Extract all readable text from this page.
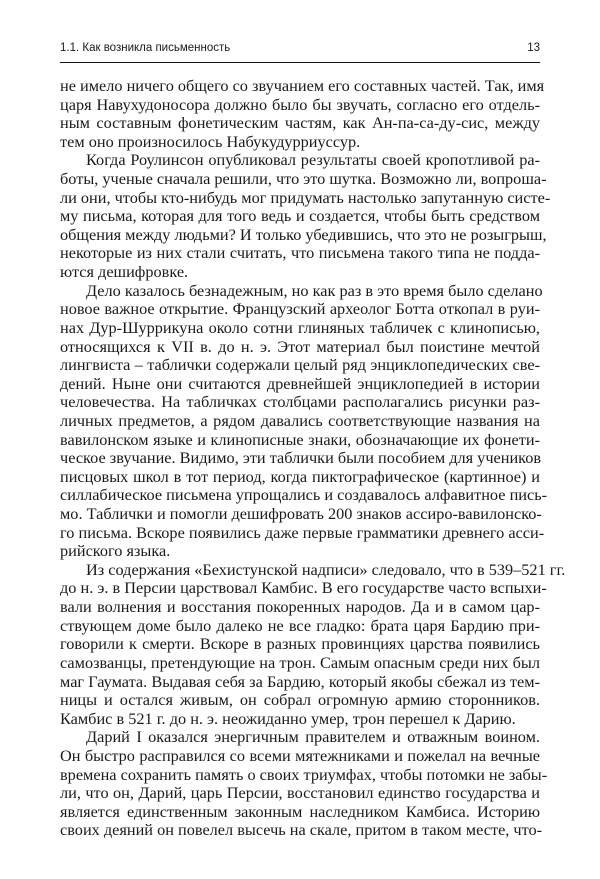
1.1. Как возникла письменность	13
не имело ничего общего со звучанием его составных частей. Так, имя
царя Навухудоносора должно было бы звучать, согласно его отдель-
ным составным фонетическим частям, как Ан-па-са-ду-сис, между
тем оно произносилось Набукудурриуссур.
Когда Роулинсон опубликовал результаты своей кропотливой ра-
боты, ученые сначала решили, что это шутка. Возможно ли, вопроша-
ли они, чтобы кто-нибудь мог придумать настолько запутанную систе-
му письма, которая для того ведь и создается, чтобы быть средством
общения между людьми? И только убедившись, что это не розыгрыш,
некоторые из них стали считать, что письмена такого типа не подда-
ются дешифровке.
Дело казалось безнадежным, но как раз в это время было сделано
новое важное открытие. Французский археолог Ботта откопал в руи-
нах Дур-Шуррикуна около сотни глиняных табличек с клинописью,
относящихся к VII в. до н. э. Этот материал был поистине мечтой
лингвиста – таблички содержали целый ряд энциклопедических све-
дений. Ныне они считаются древнейшей энциклопедией в истории
человечества. На табличках столбцами располагались рисунки раз-
личных предметов, а рядом давались соответствующие названия на
вавилонском языке и клинописные знаки, обозначающие их фонети-
ческое звучание. Видимо, эти таблички были пособием для учеников
писцовых школ в тот период, когда пиктографическое (картинное) и
силлабическое письмена упрощались и создавалось алфавитное пись-
мо. Таблички и помогли дешифровать 200 знаков ассиро-вавилонско-
го письма. Вскоре появились даже первые грамматики древнего асси-
рийского языка.
Из содержания «Бехистунской надписи» следовало, что в 539–521 гг.
до н. э. в Персии царствовал Камбис. В его государстве часто вспыхи-
вали волнения и восстания покоренных народов. Да и в самом цар-
ствующем доме было далеко не все гладко: брата царя Бардию при-
говорили к смерти. Вскоре в разных провинциях царства появились
самозванцы, претендующие на трон. Самым опасным среди них был
маг Гаумата. Выдавая себя за Бардию, который якобы сбежал из тем-
ницы и остался живым, он собрал огромную армию сторонников.
Камбис в 521 г. до н. э. неожиданно умер, трон перешел к Дарию.
Дарий I оказался энергичным правителем и отважным воином.
Он быстро расправился со всеми мятежниками и пожелал на вечные
времена сохранить память о своих триумфах, чтобы потомки не забы-
ли, что он, Дарий, царь Персии, восстановил единство государства и
является единственным законным наследником Камбиса. Историю
своих деяний он повелел высечь на скале, притом в таком месте, что-
